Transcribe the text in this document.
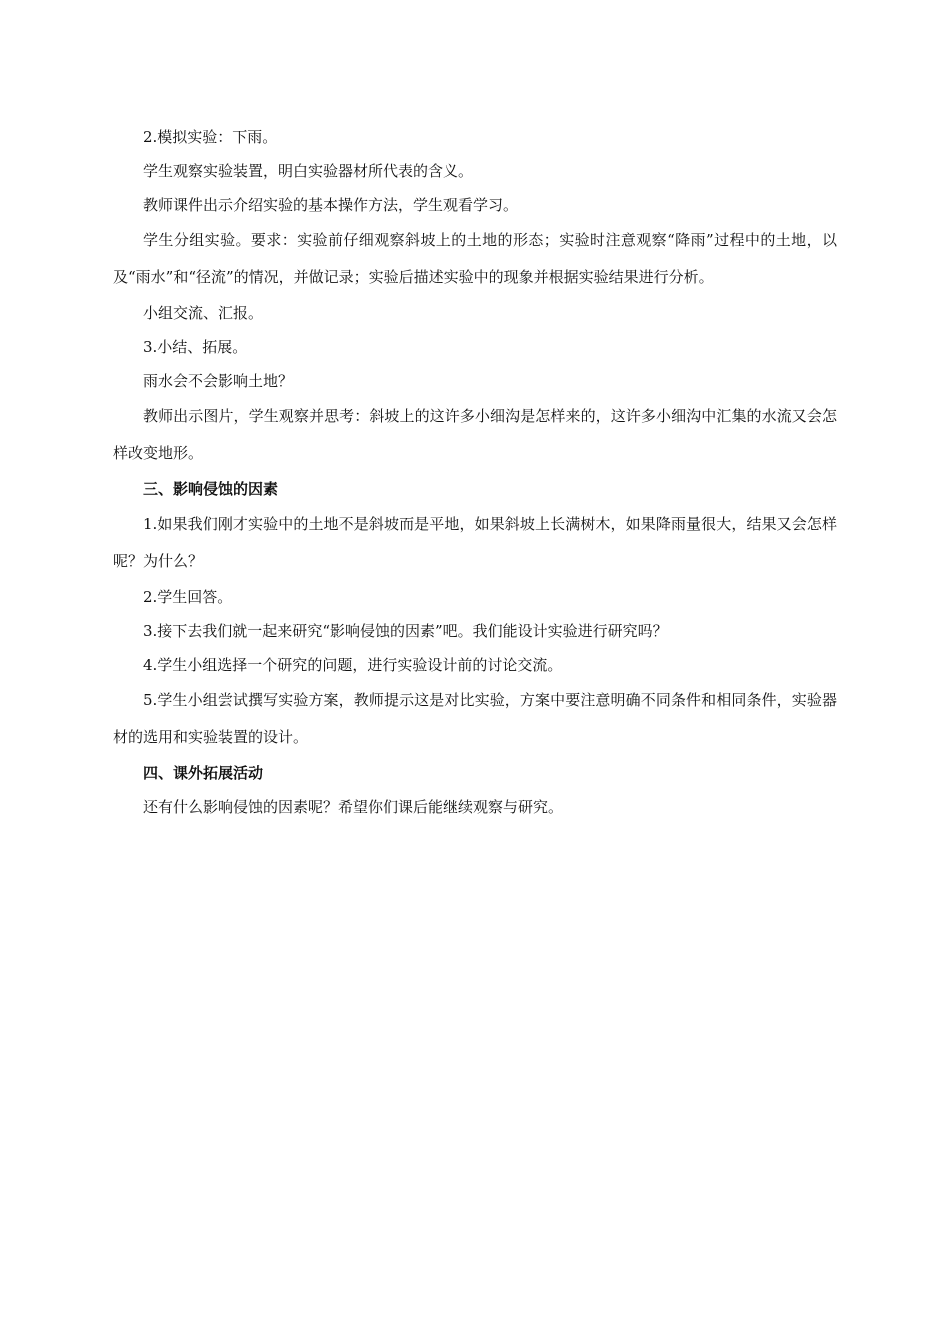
2.模拟实验：下雨。

学生观察实验装置，明白实验器材所代表的含义。

教师课件出示介绍实验的基本操作方法，学生观看学习。

学生分组实验。要求：实验前仔细观察斜坡上的土地的形态；实验时注意观察“降雨”过程中的土地，以及“雨水”和“径流”的情况，并做记录；实验后描述实验中的现象并根据实验结果进行分析。

小组交流、汇报。

3.小结、拓展。

雨水会不会影响土地？

教师出示图片，学生观察并思考：斜坡上的这许多小细沟是怎样来的，这许多小细沟中汇集的水流又会怎样改变地形。

三、影响侵蚀的因素

1.如果我们刚才实验中的土地不是斜坡而是平地，如果斜坡上长满树木，如果降雨量很大，结果又会怎样呢？为什么？

2.学生回答。

3.接下去我们就一起来研究“影响侵蚀的因素”吧。我们能设计实验进行研究吗？

4.学生小组选择一个研究的问题，进行实验设计前的讨论交流。

5.学生小组尝试撰写实验方案，教师提示这是对比实验，方案中要注意明确不同条件和相同条件，实验器材的选用和实验装置的设计。

四、课外拓展活动

还有什么影响侵蚀的因素呢？希望你们课后能继续观察与研究。
